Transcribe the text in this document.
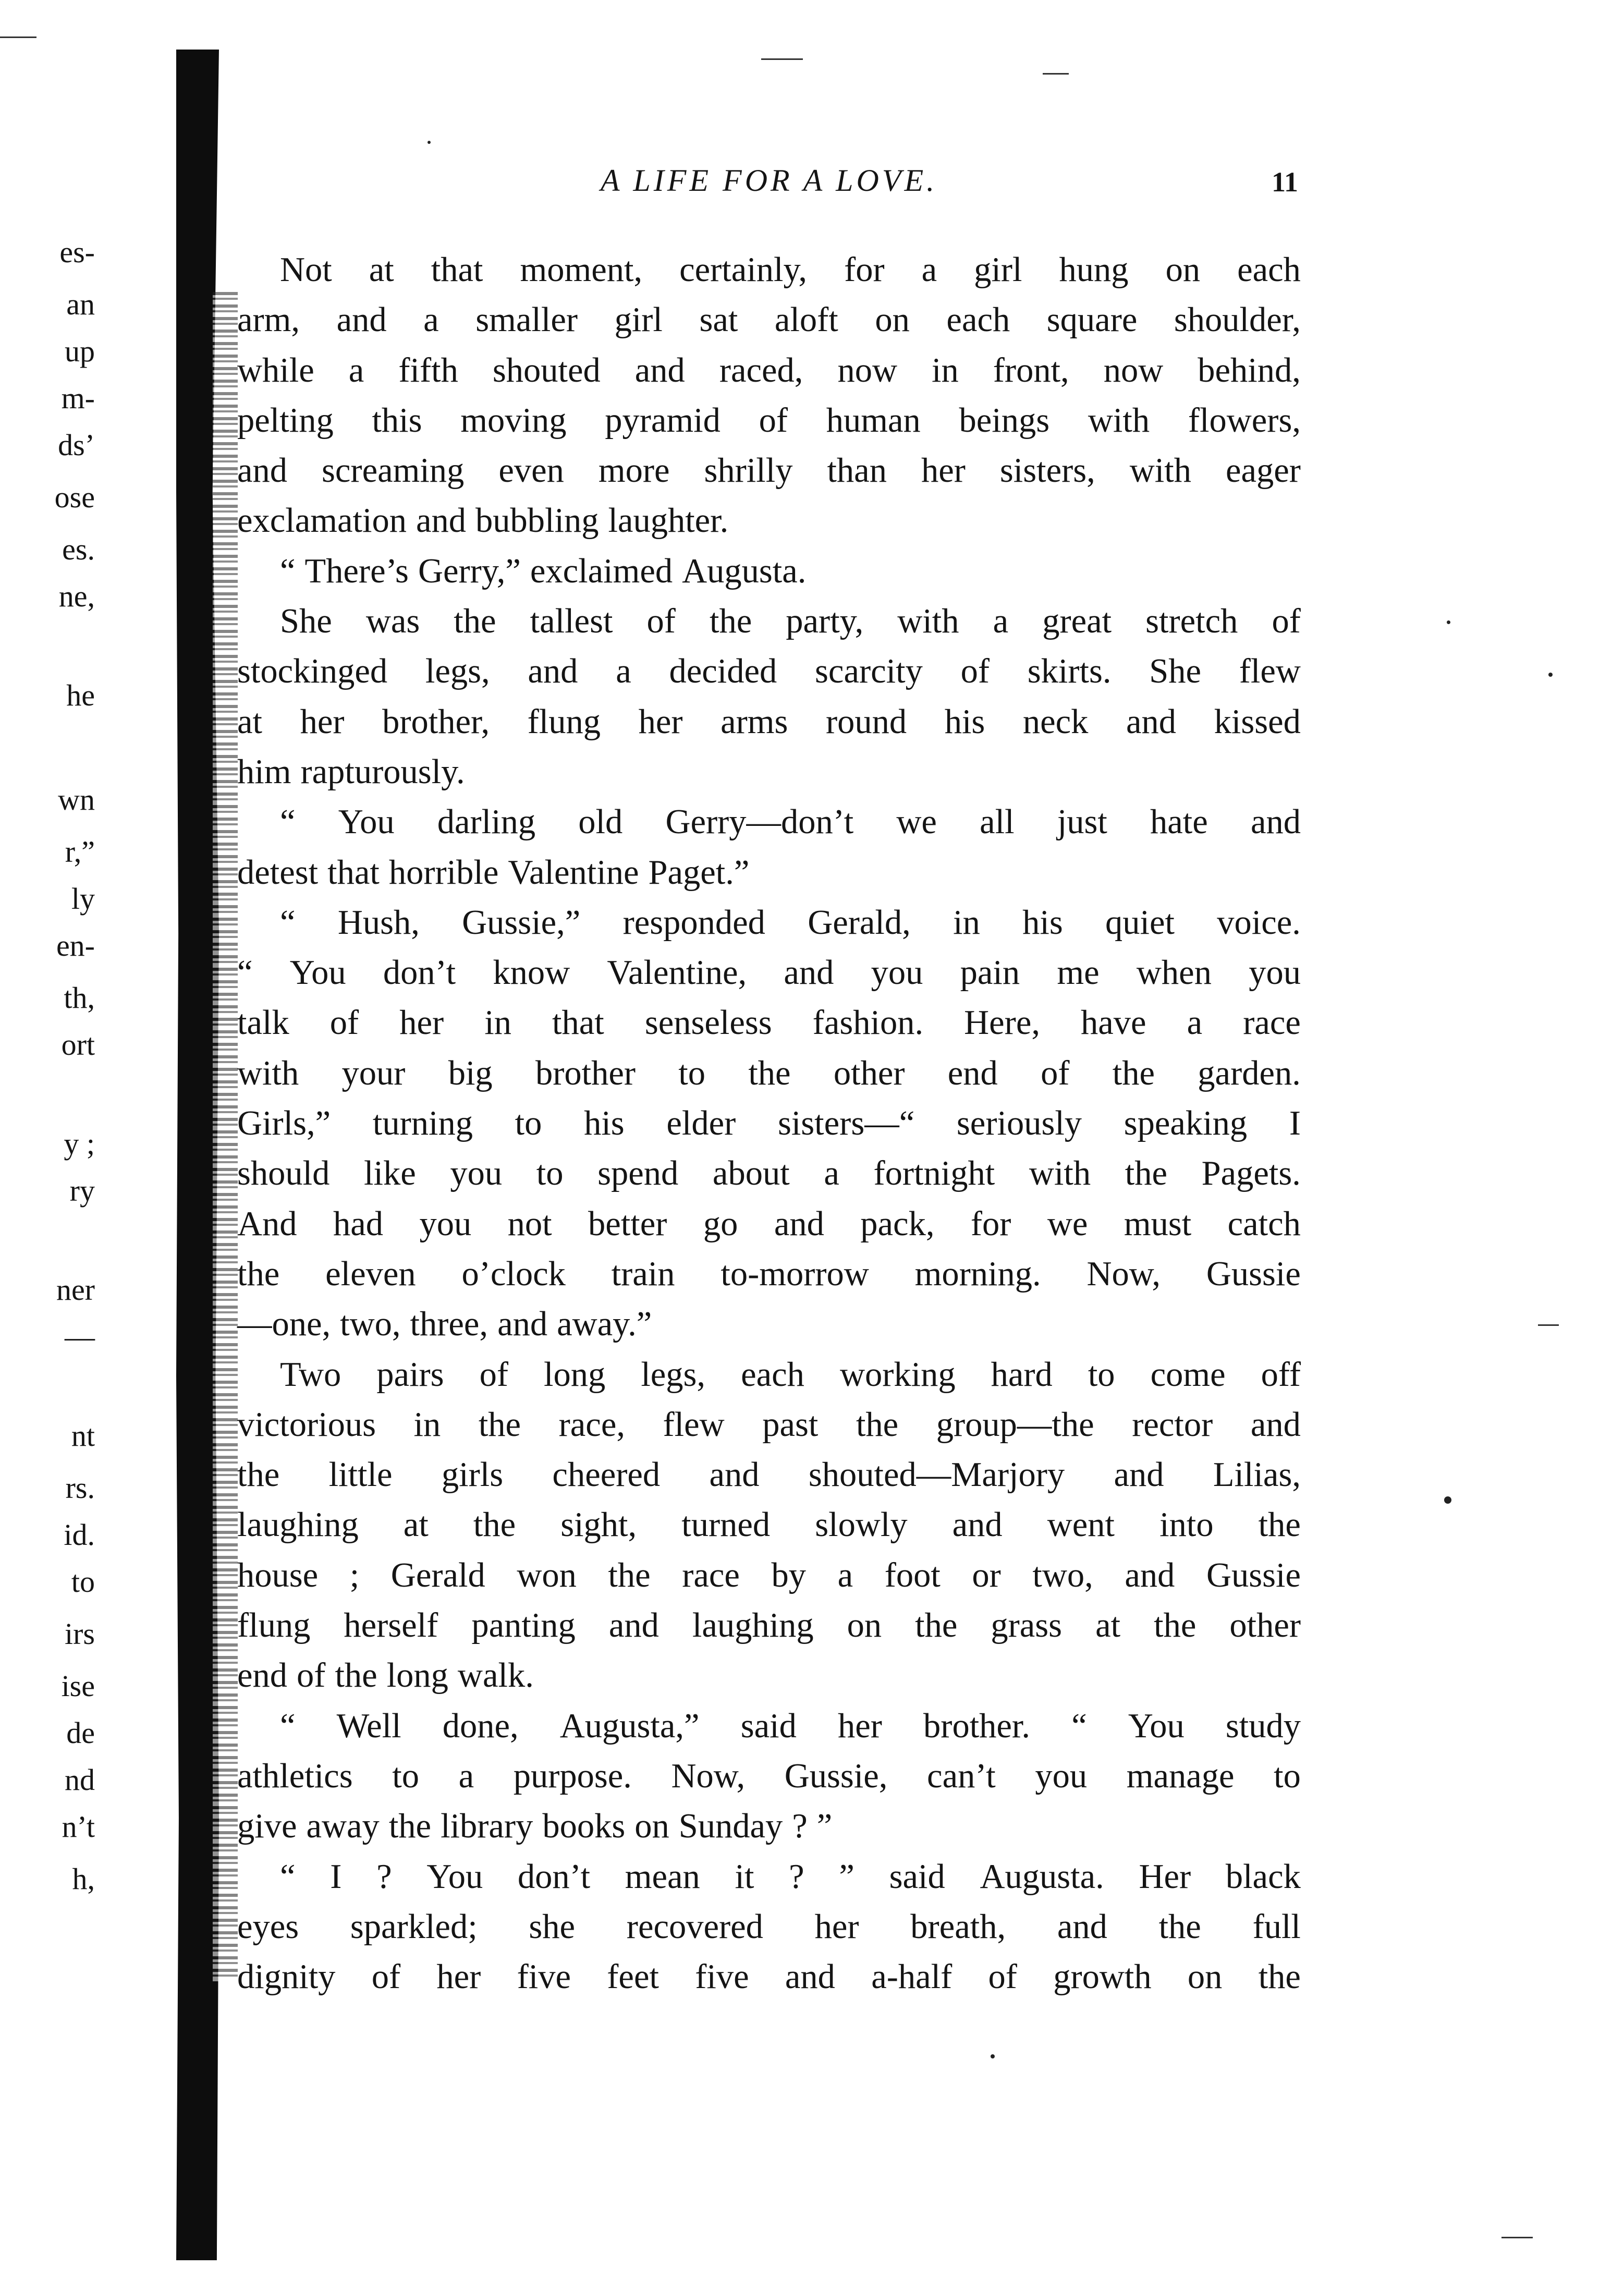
es-
an
up
m-
ds’
ose
es.
ne,
he
wn
r,”
ly
en-
th,
ort
y ;
ry
ner
—
nt
rs.
id.
to
irs
ise
de
nd
n’t
h,
A LIFE FOR A LOVE.	11
Not at that moment, certainly, for a girl hung on each
arm, and a smaller girl sat aloft on each square shoulder,
while a fifth shouted and raced, now in front, now behind,
pelting this moving pyramid of human beings with flowers,
and screaming even more shrilly than her sisters, with eager
exclamation and bubbling laughter.
“ There’s Gerry,” exclaimed Augusta.
She was the tallest of the party, with a great stretch of
stockinged legs, and a decided scarcity of skirts. She flew
at her brother, flung her arms round his neck and kissed
him rapturously.
“ You darling old Gerry—don’t we all just hate and
detest that horrible Valentine Paget.”
“ Hush, Gussie,” responded Gerald, in his quiet voice.
“ You don’t know Valentine, and you pain me when you
talk of her in that senseless fashion. Here, have a race
with your big brother to the other end of the garden.
Girls,” turning to his elder sisters—“ seriously speaking I
should like you to spend about a fortnight with the Pagets.
And had you not better go and pack, for we must catch
the eleven o’clock train to-morrow morning. Now, Gussie
—one, two, three, and away.”
Two pairs of long legs, each working hard to come off
victorious in the race, flew past the group—the rector and
the little girls cheered and shouted—Marjory and Lilias,
laughing at the sight, turned slowly and went into the
house ; Gerald won the race by a foot or two, and Gussie
flung herself panting and laughing on the grass at the other
end of the long walk.
“ Well done, Augusta,” said her brother. “ You study
athletics to a purpose. Now, Gussie, can’t you manage to
give away the library books on Sunday ? ”
“ I ? You don’t mean it ? ” said Augusta. Her black
eyes sparkled; she recovered her breath, and the full
dignity of her five feet five and a-half of growth on the
